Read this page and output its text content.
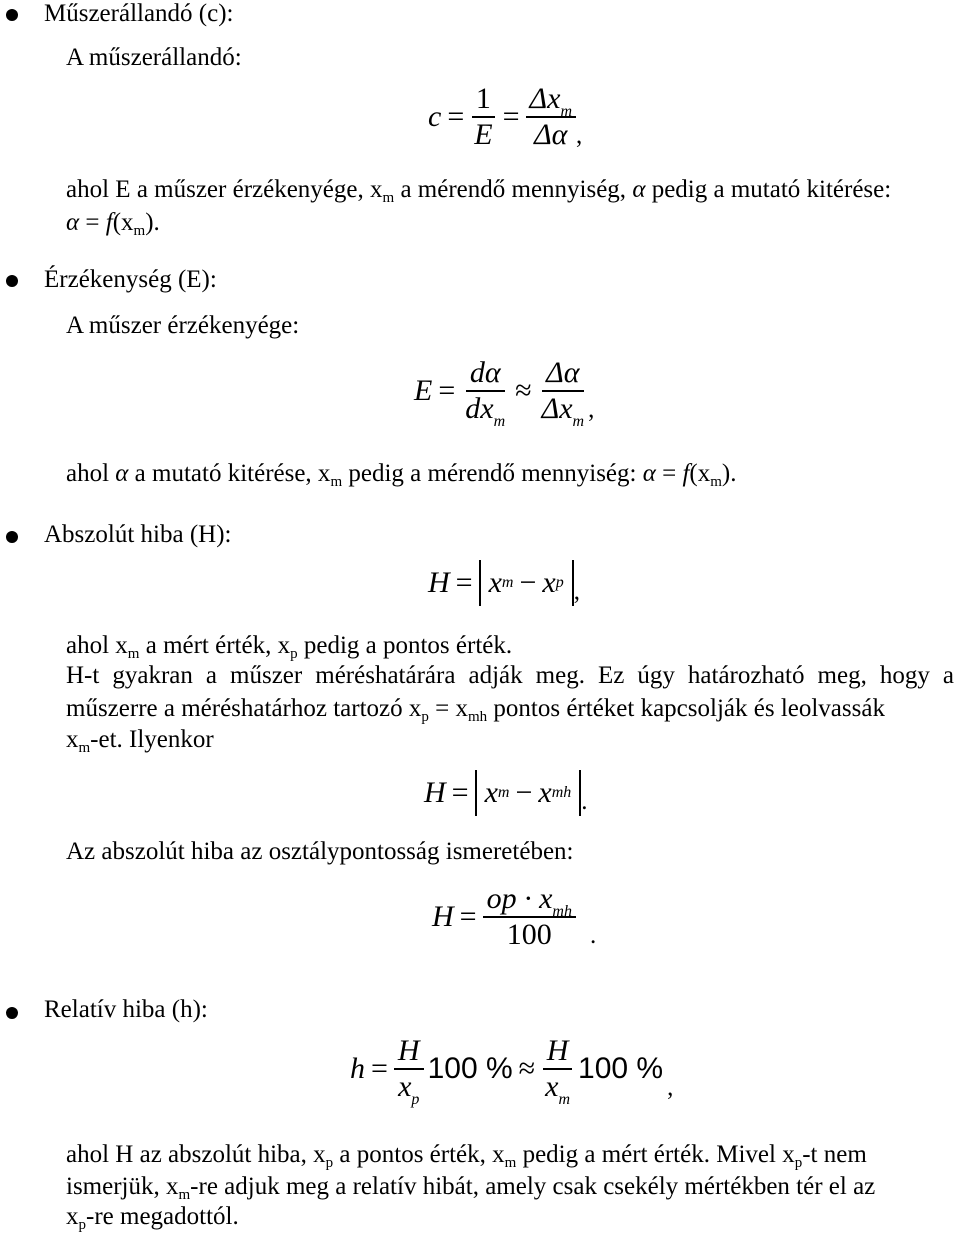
Műszerállandó (c):
A műszerállandó:
$c = \frac{1}{E} = \frac{\Delta x_m}{\Delta\alpha}$ ,
ahol E a műszer érzékenyége, $x_m$ a mérendő mennyiség, α pedig a mutató kitérése:
$\alpha = f(x_m)$.
Érzékenység (E):
A műszer érzékenyége:
$E = \frac{d\alpha}{dx_m} \approx \frac{\Delta\alpha}{\Delta x_m}$ ,
ahol α a mutató kitérése, $x_m$ pedig a mérendő mennyiség: $\alpha = f(x_m)$.
Abszolút hiba (H):
H = x m − x p ,
ahol $x_m$ a mért érték, $x_p$ pedig a pontos érték.
H-t gyakran a műszer méréshatárára adják meg. Ez úgy határozható meg, hogy a
műszerre a méréshatárhoz tartozó $x_p = x_{mh}$ pontos értéket kapcsolják és leolvassák
$x_m-et$. Ilyenkor
H = x m − x mh .
Az abszolút hiba az osztálypontosság ismeretében:
$H = \frac{op \cdot x_{mh}}{100}$ .
Relatív hiba (h):
$h = \frac{H}{x_p} 100$ % ≈ $\frac{H}{x_m} 100$ %
,
ahol H az abszolút hiba, $x_p$ a pontos érték, $x_m$ pedig a mért érték. Mivel $x_p-t$ nem
ismerjük, $x_m-re$ adjuk meg a relatív hibát, amely csak csekély mértékben tér el az
$x_p-re$ megadottól.
